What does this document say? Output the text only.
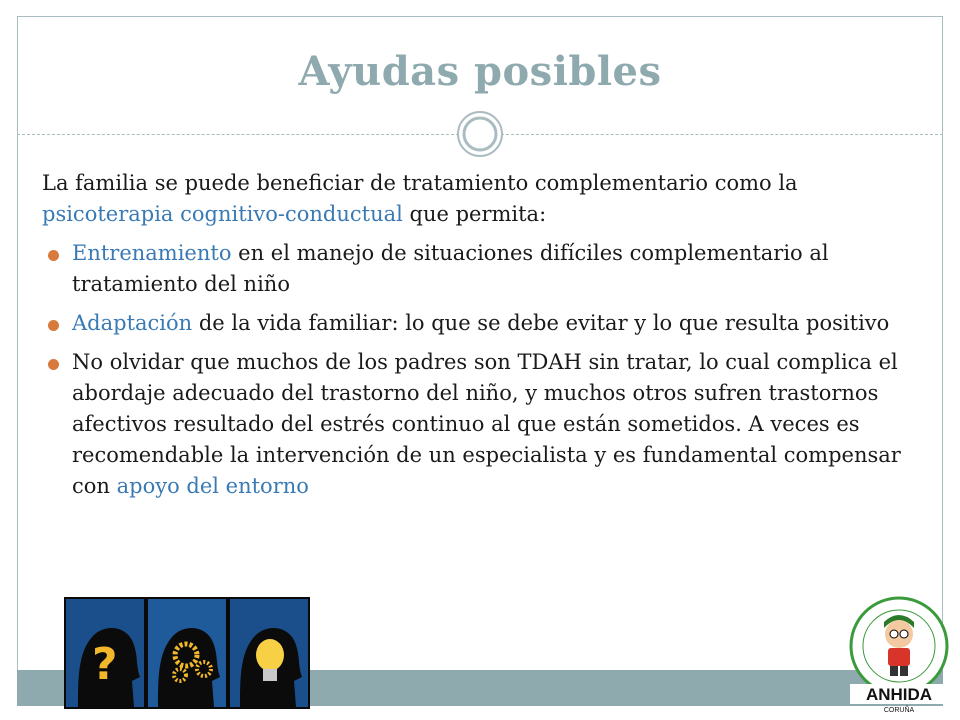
Ayudas posibles

La familia se puede beneficiar de tratamiento complementario como la psicoterapia cognitivo-conductual que permita:

Entrenamiento en el manejo de situaciones difíciles complementario al tratamiento del niño
Adaptación de la vida familiar: lo que se debe evitar y lo que resulta positivo
No olvidar que muchos de los padres son TDAH sin tratar, lo cual complica el abordaje adecuado del trastorno del niño, y muchos otros sufren trastornos afectivos resultado del estrés continuo al que están sometidos. A veces es recomendable la intervención de un especialista y es fundamental compensar con apoyo del entorno
?
ANHIDA
CORUÑA
